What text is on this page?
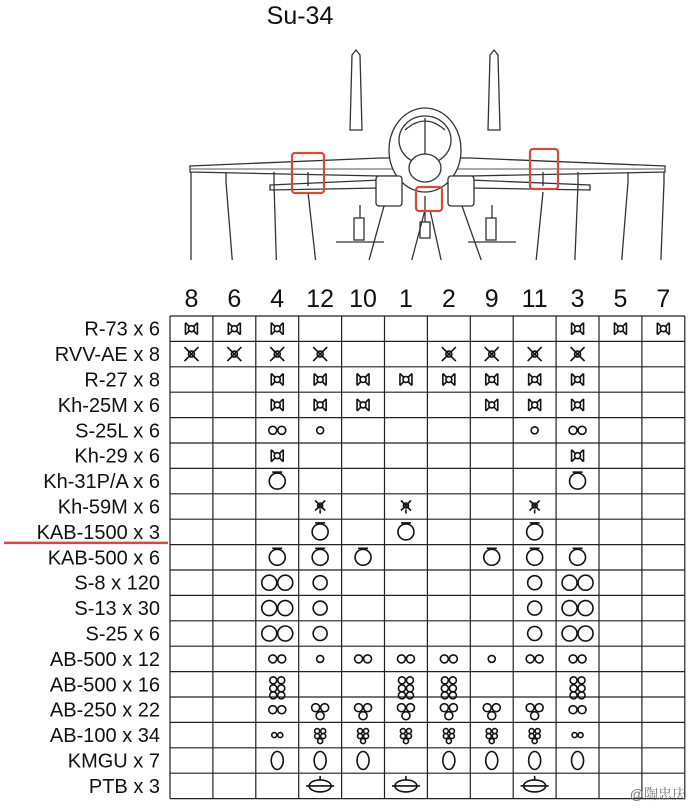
Su-34
8 6 4 12 10 1 2 9 11 3 5 7
R-73 x 6
RVV-AE x 8
R-27 x 8
Kh-25M x 6
S-25L x 6
Kh-29 x 6
Kh-31P/A x 6
Kh-59M x 6
KAB-1500 x 3
KAB-500 x 6
S-8 x 120
S-13 x 30
S-25 x 6
AB-500 x 12
AB-500 x 16
AB-250 x 22
AB-100 x 34
KMGU x 7
PTB x 3	@陶忠庆
